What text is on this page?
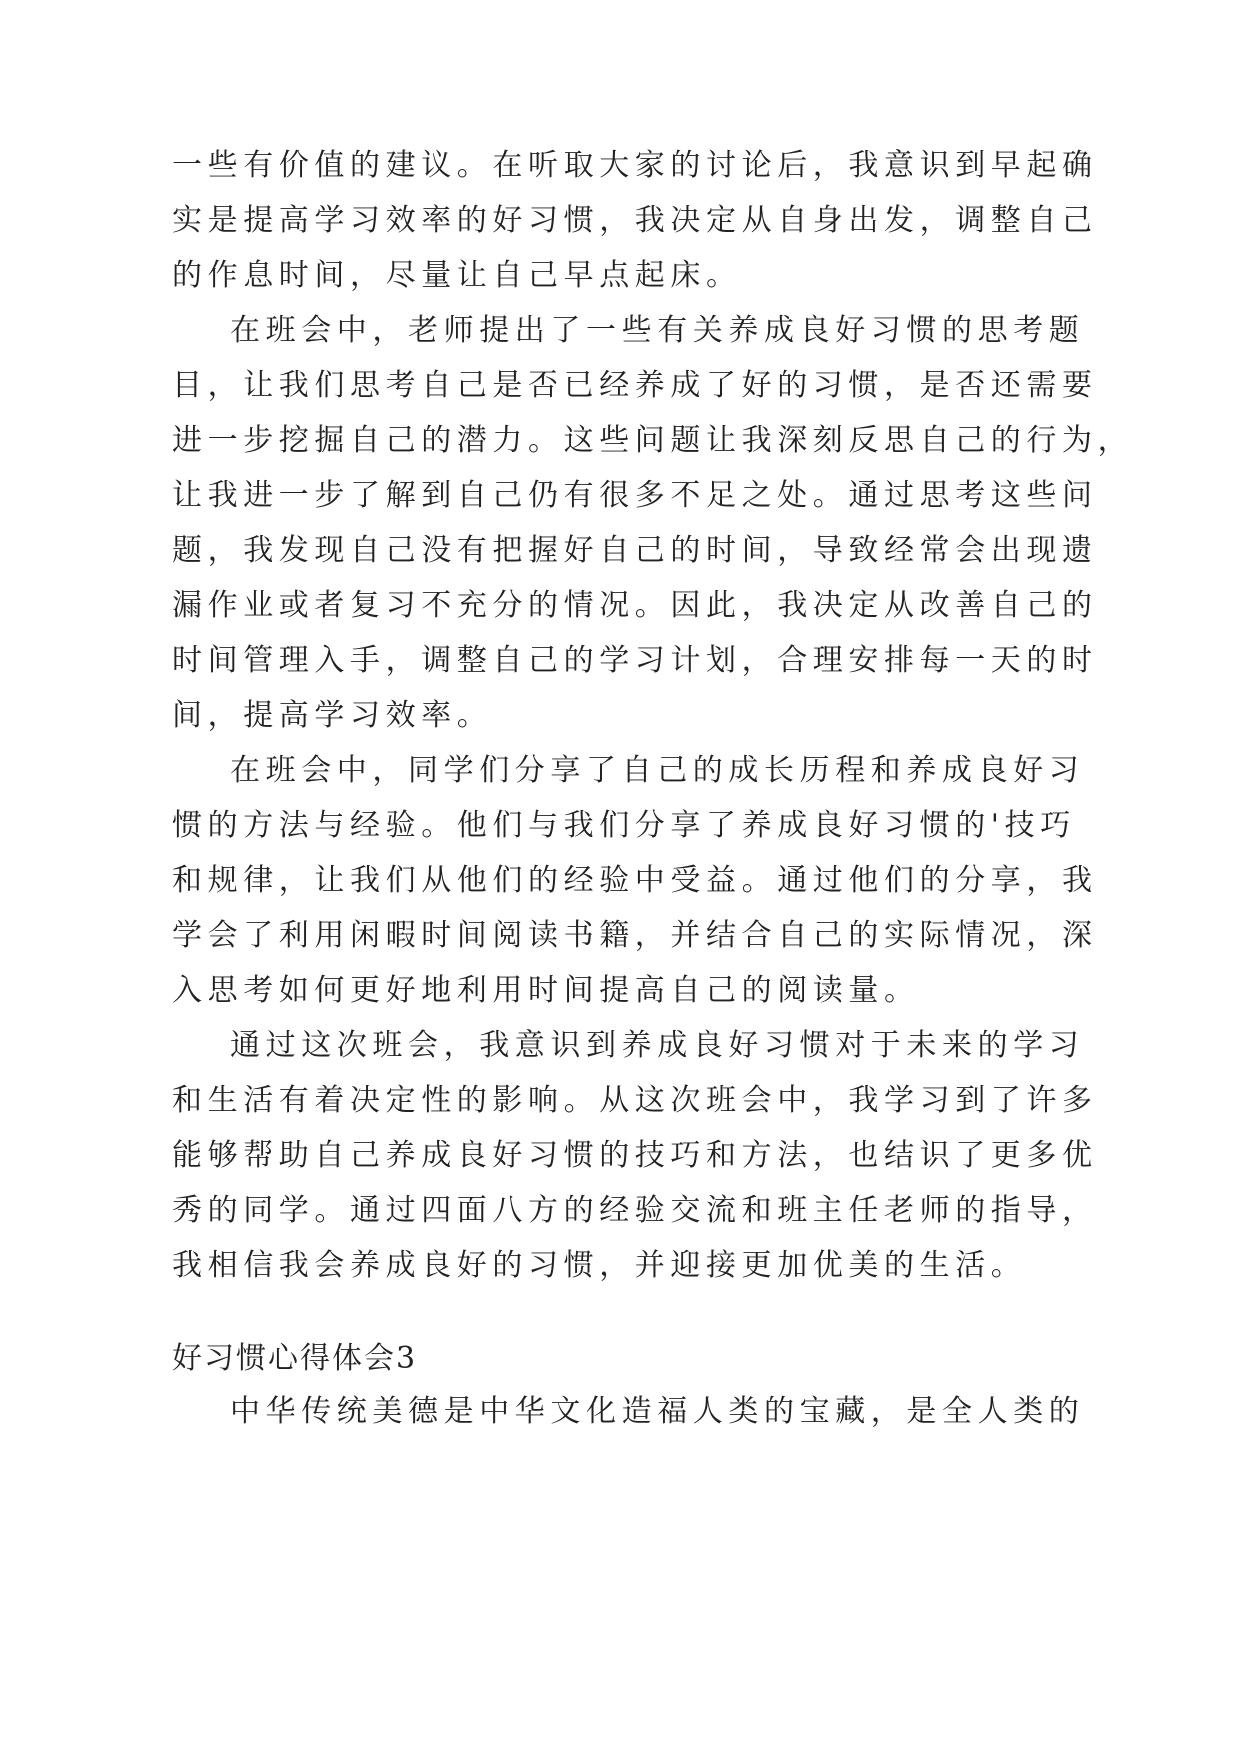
一些有价值的建议。在听取大家的讨论后，我意识到早起确
实是提高学习效率的好习惯，我决定从自身出发，调整自己
的作息时间，尽量让自己早点起床。
在班会中，老师提出了一些有关养成良好习惯的思考题
目，让我们思考自己是否已经养成了好的习惯，是否还需要
进一步挖掘自己的潜力。这些问题让我深刻反思自己的行为，
让我进一步了解到自己仍有很多不足之处。通过思考这些问
题，我发现自己没有把握好自己的时间，导致经常会出现遗
漏作业或者复习不充分的情况。因此，我决定从改善自己的
时间管理入手，调整自己的学习计划，合理安排每一天的时
间，提高学习效率。
在班会中，同学们分享了自己的成长历程和养成良好习
惯的方法与经验。他们与我们分享了养成良好习惯的'技巧
和规律，让我们从他们的经验中受益。通过他们的分享，我
学会了利用闲暇时间阅读书籍，并结合自己的实际情况，深
入思考如何更好地利用时间提高自己的阅读量。
通过这次班会，我意识到养成良好习惯对于未来的学习
和生活有着决定性的影响。从这次班会中，我学习到了许多
能够帮助自己养成良好习惯的技巧和方法，也结识了更多优
秀的同学。通过四面八方的经验交流和班主任老师的指导，
我相信我会养成良好的习惯，并迎接更加优美的生活。
好习惯心得体会3
中华传统美德是中华文化造福人类的宝藏，是全人类的
